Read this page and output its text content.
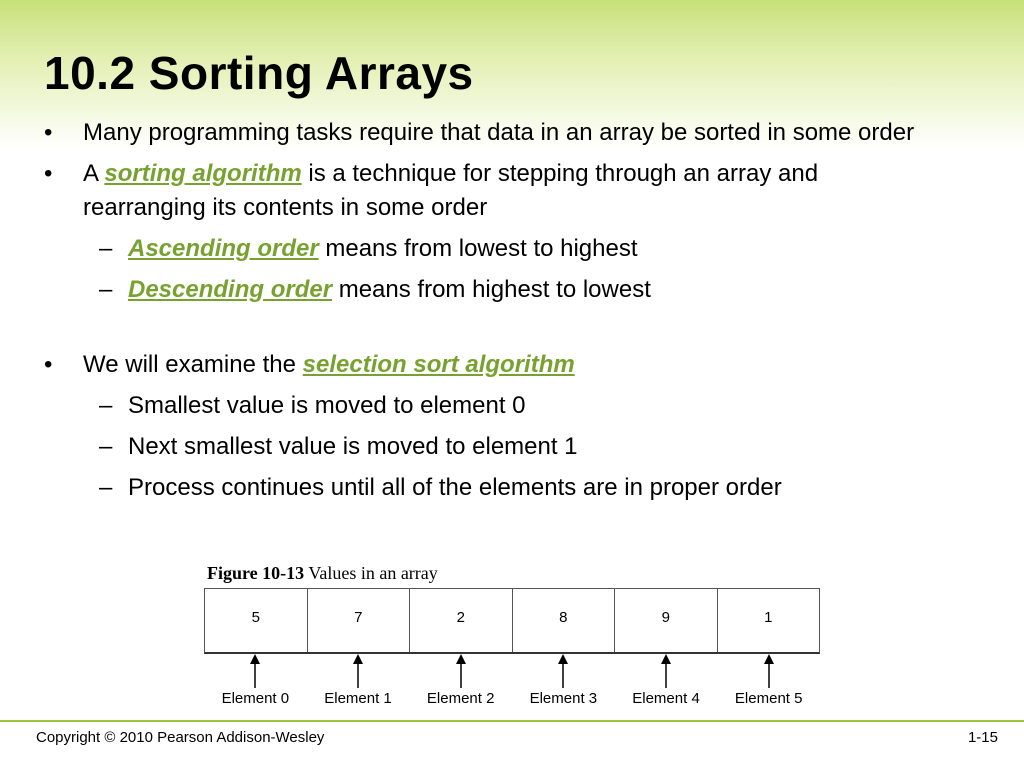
10.2 Sorting Arrays
• Many programming tasks require that data in an array be sorted in some order
• A sorting algorithm is a technique for stepping through an array and rearranging its contents in some order
– Ascending order means from lowest to highest
– Descending order means from highest to lowest
• We will examine the selection sort algorithm
– Smallest value is moved to element 0
– Next smallest value is moved to element 1
– Process continues until all of the elements are in proper order
Figure 10-13 Values in an array
5	7	2	8	9	1
Element 0 Element 1 Element 2 Element 3 Element 4 Element 5
Copyright © 2010 Pearson Addison-Wesley	1-15
